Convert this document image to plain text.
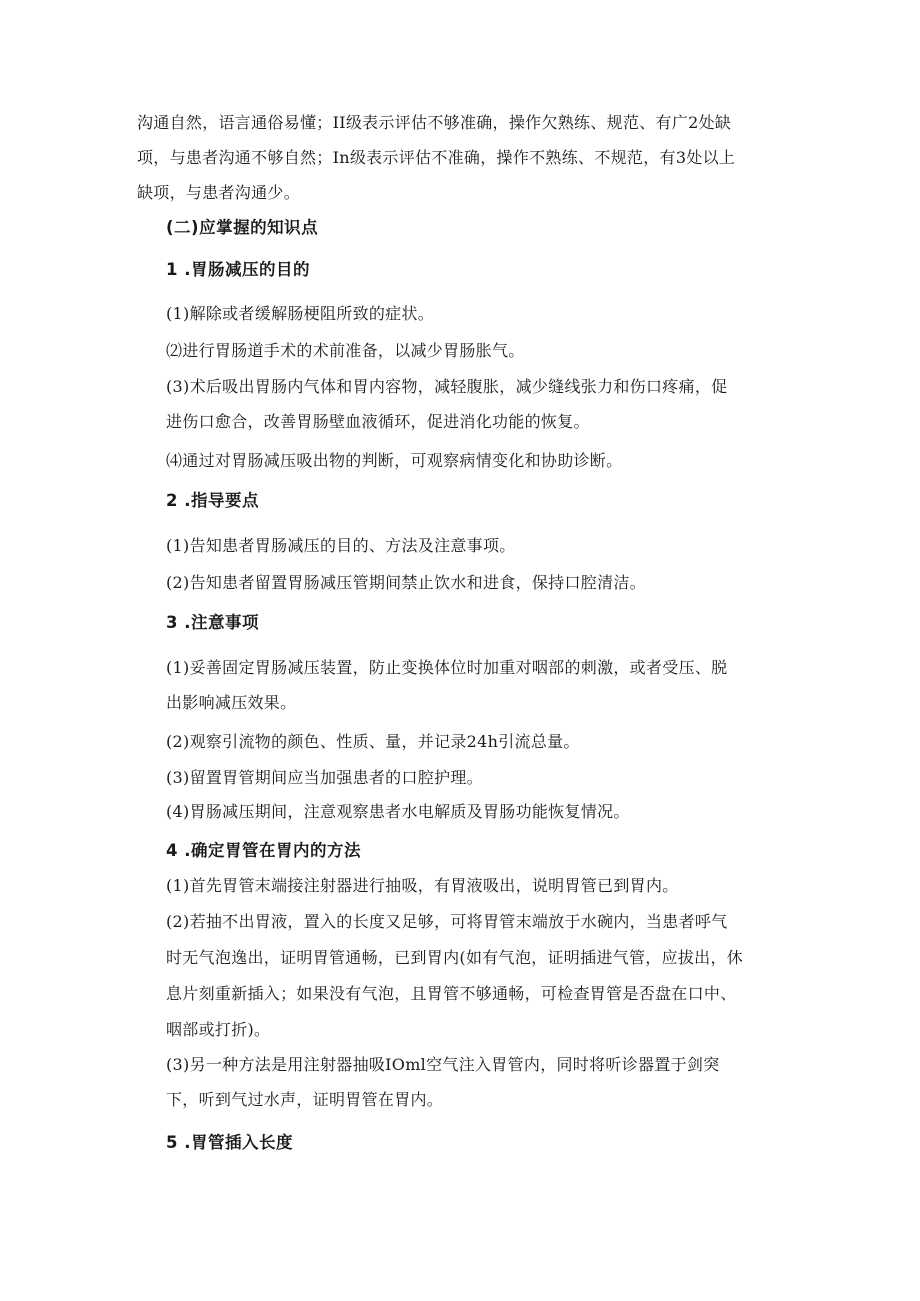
沟通自然，语言通俗易懂；II级表示评估不够准确，操作欠熟练、规范、有广2处缺
项，与患者沟通不够自然；In级表示评估不准确，操作不熟练、不规范，有3处以上
缺项，与患者沟通少。
(二)应掌握的知识点
1 .胃肠减压的目的
(1)解除或者缓解肠梗阻所致的症状。
⑵进行胃肠道手术的术前准备，以减少胃肠胀气。
(3)术后吸出胃肠内气体和胃内容物，减轻腹胀，减少缝线张力和伤口疼痛，促
进伤口愈合，改善胃肠壁血液循环，促进消化功能的恢复。
⑷通过对胃肠减压吸出物的判断，可观察病情变化和协助诊断。
2 .指导要点
(1)告知患者胃肠减压的目的、方法及注意事项。
(2)告知患者留置胃肠减压管期间禁止饮水和进食，保持口腔清洁。
3 .注意事项
(1)妥善固定胃肠减压装置，防止变换体位时加重对咽部的刺激，或者受压、脱
出影响减压效果。
(2)观察引流物的颜色、性质、量，并记录24h引流总量。
(3)留置胃管期间应当加强患者的口腔护理。
(4)胃肠减压期间，注意观察患者水电解质及胃肠功能恢复情况。
4 .确定胃管在胃内的方法
(1)首先胃管末端接注射器进行抽吸，有胃液吸出，说明胃管已到胃内。
(2)若抽不出胃液，置入的长度又足够，可将胃管末端放于水碗内，当患者呼气
时无气泡逸出，证明胃管通畅，已到胃内(如有气泡，证明插进气管，应拔出，休
息片刻重新插入；如果没有气泡，且胃管不够通畅，可检查胃管是否盘在口中、
咽部或打折)。
(3)另一种方法是用注射器抽吸IOml空气注入胃管内，同时将听诊器置于剑突
下，听到气过水声，证明胃管在胃内。
5 .胃管插入长度
